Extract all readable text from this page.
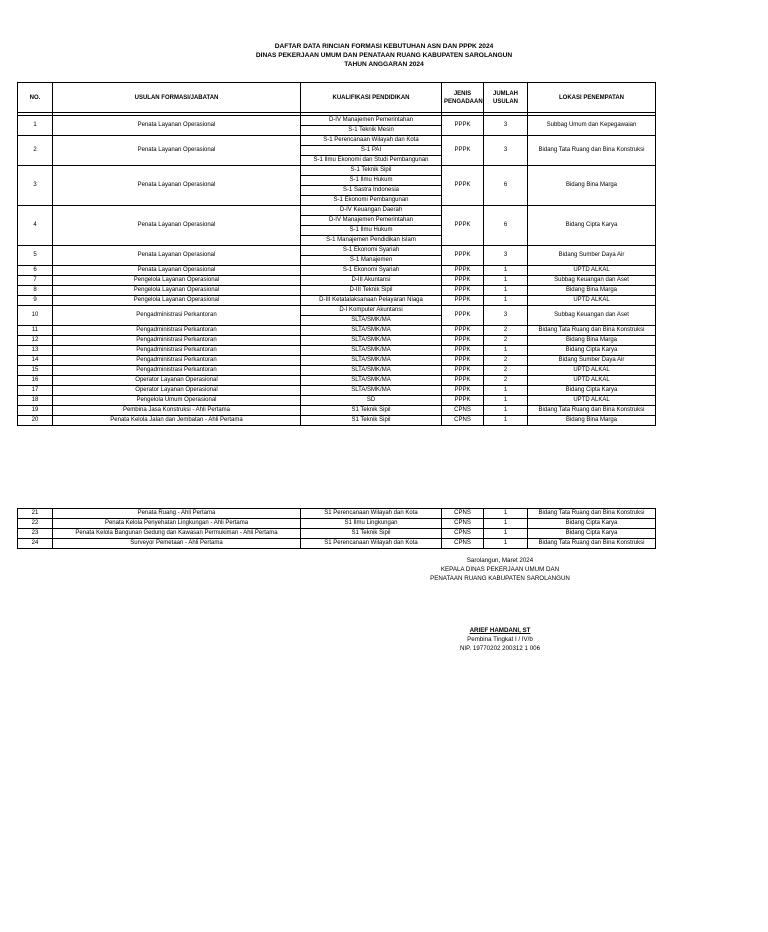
DAFTAR DATA RINCIAN FORMASI KEBUTUHAN ASN DAN PPPK 2024
DINAS PEKERJAAN UMUM DAN PENATAAN RUANG KABUPATEN SAROLANGUN
TAHUN ANGGARAN 2024
NO.	USULAN FORMASI/JABATAN	KUALIFIKASI PENDIDIKAN	JENIS PENGADAAN	JUMLAH USULAN	LOKASI PENEMPATAN

1	Penata Layanan Operasional	D-IV Manajemen Pemerintahan	PPPK	3	Subbag Umum dan Kepegawaian
		S-1 Teknik Mesin			
2	Penata Layanan Operasional	S-1 Perencanaan Wilayah dan Kota	PPPK	3	Bidang Tata Ruang dan Bina Konstruksi
		S-1 PAI			
		S-1 Ilmu Ekonomi dan Studi Pembangunan			
3	Penata Layanan Operasional	S-1 Teknik Sipil	PPPK	6	Bidang Bina Marga
		S-1 Ilmu Hukum			
		S-1 Sastra Indonesia			
		S-1 Ekonomi Pembangunan			
4	Penata Layanan Operasional	D-IV Keuangan Daerah	PPPK	6	Bidang Cipta Karya
		D-IV Manajemen Pemerintahan			
		S-1 Ilmu Hukum			
		S-1 Manajemen Pendidikan Islam			
5	Penata Layanan Operasional	S-1 Ekonomi Syariah	PPPK	3	Bidang Sumber Daya Air
		S-1 Manajemen			
6	Penata Layanan Operasional	S-1 Ekonomi Syariah	PPPK	1	UPTD ALKAL
7	Pengelola Layanan Operasional	D-III Akuntansi	PPPK	1	Subbag Keuangan dan Aset
8	Pengelola Layanan Operasional	D-III Teknik Sipil	PPPK	1	Bidang Bina Marga
9	Pengelola Layanan Operasional	D-III Ketatalaksanaan Pelayaran Niaga	PPPK	1	UPTD ALKAL
10	Pengadministrasi Perkantoran	D-I Komputer Akuntansi	PPPK	3	Subbag Keuangan dan Aset
		SLTA/SMK/MA			
11	Pengadministrasi Perkantoran	SLTA/SMK/MA	PPPK	2	Bidang Tata Ruang dan Bina Konstruksi
12	Pengadministrasi Perkantoran	SLTA/SMK/MA	PPPK	2	Bidang Bina Marga
13	Pengadministrasi Perkantoran	SLTA/SMK/MA	PPPK	1	Bidang Cipta Karya
14	Pengadministrasi Perkantoran	SLTA/SMK/MA	PPPK	2	Bidang Sumber Daya Air
15	Pengadministrasi Perkantoran	SLTA/SMK/MA	PPPK	2	UPTD ALKAL
16	Operator Layanan Operasional	SLTA/SMK/MA	PPPK	2	UPTD ALKAL
17	Operator Layanan Operasional	SLTA/SMK/MA	PPPK	1	Bidang Cipta Karya
18	Pengelola Umum Operasional	SD	PPPK	1	UPTD ALKAL
19	Pembina Jasa Konstruksi - Ahli Pertama	S1 Teknik Sipil	CPNS	1	Bidang Tata Ruang dan Bina Konstruksi
20	Penata Kelola Jalan dan Jembatan - Ahli Pertama	S1 Teknik Sipil	CPNS	1	Bidang Bina Marga
21	Penata Ruang - Ahli Pertama	S1 Perencanaan Wilayah dan Kota	CPNS	1	Bidang Tata Ruang dan Bina Konstruksi
22	Penata Kelola Penyehatan Lingkungan - Ahli Pertama	S1 Ilmu Lingkungan	CPNS	1	Bidang Cipta Karya
23	Penata Kelola Bangunan Gedung dan Kawasan Permukiman - Ahli Pertama	S1 Teknik Sipil	CPNS	1	Bidang Cipta Karya
24	Surveyor Pemetaan - Ahli Pertama	S1 Perencanaan Wilayah dan Kota	CPNS	1	Bidang Tata Ruang dan Bina Konstruksi
Sarolangun, Maret 2024
KEPALA DINAS PEKERJAAN UMUM DAN
PENATAAN RUANG KABUPATEN SAROLANGUN
ARIEF HAMDANI, ST
Pembina Tingkat I / IV/b
NIP. 19770202 200312 1 006
